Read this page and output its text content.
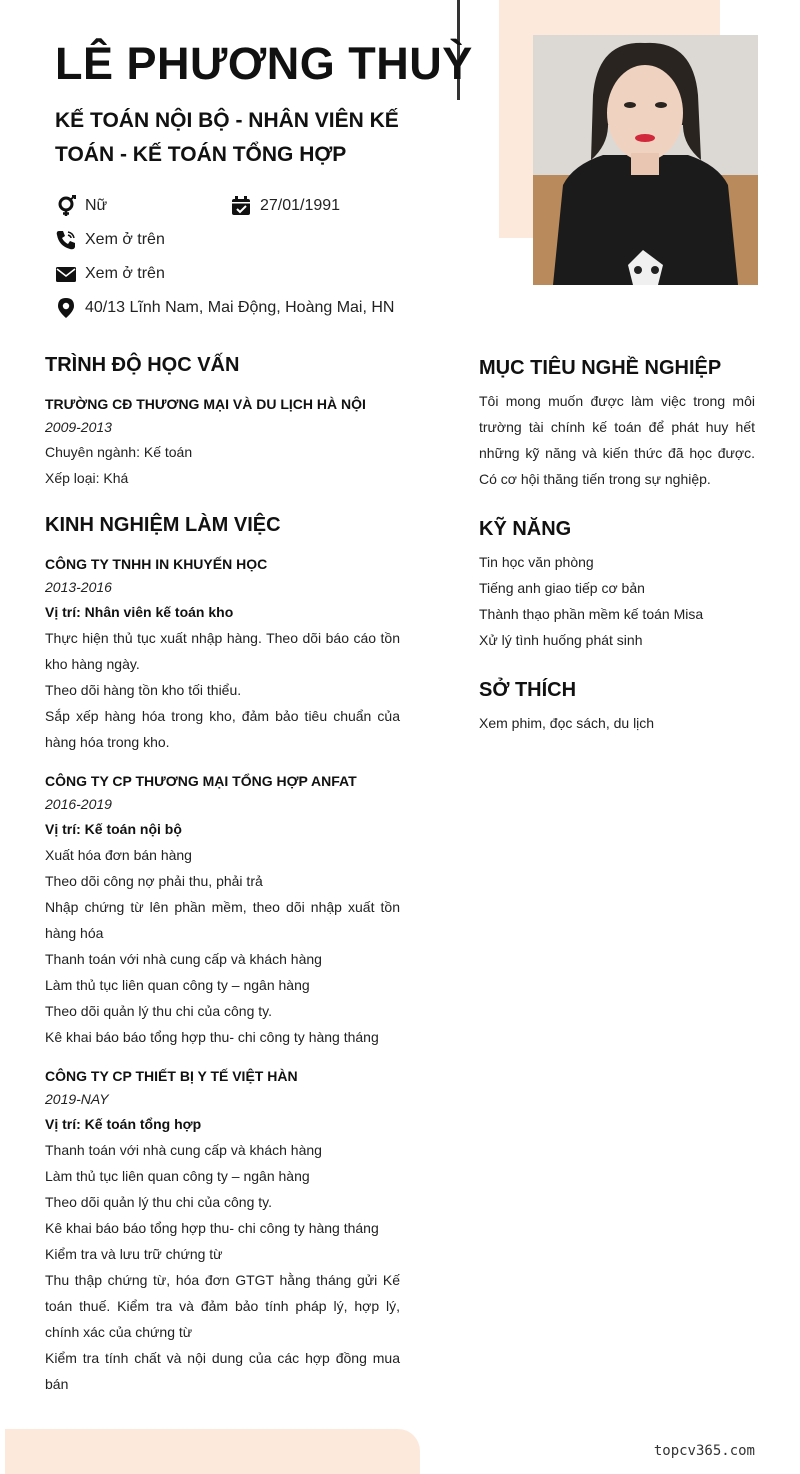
LÊ PHƯƠNG THUỲ
KẾ TOÁN NỘI BỘ - NHÂN VIÊN KẾ TOÁN - KẾ TOÁN TỔNG HỢP
Nữ	27/01/1991
Xem ở trên
Xem ở trên
40/13 Lĩnh Nam, Mai Động, Hoàng Mai, HN
TRÌNH ĐỘ HỌC VẤN
TRƯỜNG CĐ THƯƠNG MẠI VÀ DU LỊCH HÀ NỘI
2009-2013
Chuyên ngành: Kế toán
Xếp loại: Khá
KINH NGHIỆM LÀM VIỆC
CÔNG TY TNHH IN KHUYẾN HỌC
2013-2016
Vị trí: Nhân viên kế toán kho
Thực hiện thủ tục xuất nhập hàng. Theo dõi báo cáo tồn kho hàng ngày.
Theo dõi hàng tồn kho tối thiểu.
Sắp xếp hàng hóa trong kho, đảm bảo tiêu chuẩn của hàng hóa trong kho.
CÔNG TY CP THƯƠNG MẠI TỔNG HỢP ANFAT
2016-2019
Vị trí: Kế toán nội bộ
Xuất hóa đơn bán hàng
Theo dõi công nợ phải thu, phải trả
Nhập chứng từ lên phần mềm, theo dõi nhập xuất tồn hàng hóa
Thanh toán với nhà cung cấp và khách hàng
Làm thủ tục liên quan công ty – ngân hàng
Theo dõi quản lý thu chi của công ty.
Kê khai báo báo tổng hợp thu- chi công ty hàng tháng
CÔNG TY CP THIẾT BỊ Y TẾ VIỆT HÀN
2019-NAY
Vị trí: Kế toán tổng hợp
Thanh toán với nhà cung cấp và khách hàng
Làm thủ tục liên quan công ty – ngân hàng
Theo dõi quản lý thu chi của công ty.
Kê khai báo báo tổng hợp thu- chi công ty hàng tháng
Kiểm tra và lưu trữ chứng từ
Thu thập chứng từ, hóa đơn GTGT hằng tháng gửi Kế toán thuế. Kiểm tra và đảm bảo tính pháp lý, hợp lý, chính xác của chứng từ
Kiểm tra tính chất và nội dung của các hợp đồng mua bán
MỤC TIÊU NGHỀ NGHIỆP
Tôi mong muốn được làm việc trong môi trường tài chính kế toán để phát huy hết những kỹ năng và kiến thức đã học được. Có cơ hội thăng tiến trong sự nghiệp.
KỸ NĂNG
Tin học văn phòng
Tiếng anh giao tiếp cơ bản
Thành thạo phần mềm kế toán Misa
Xử lý tình huống phát sinh
SỞ THÍCH
Xem phim, đọc sách, du lịch
topcv365.com
